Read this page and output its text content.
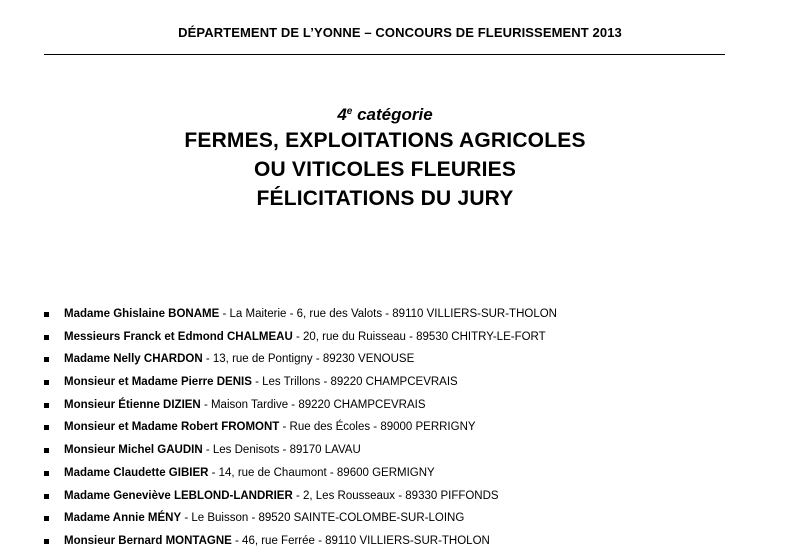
DÉPARTEMENT DE L’YONNE – CONCOURS DE FLEURISSEMENT 2013
4e catégorie
FERMES, EXPLOITATIONS AGRICOLES
OU VITICOLES FLEURIES
FÉLICITATIONS DU JURY
Madame Ghislaine BONAME - La Maiterie - 6, rue des Valots - 89110 VILLIERS-SUR-THOLON
Messieurs Franck et Edmond CHALMEAU - 20, rue du Ruisseau - 89530 CHITRY-LE-FORT
Madame Nelly CHARDON - 13, rue de Pontigny - 89230 VENOUSE
Monsieur et Madame Pierre DENIS - Les Trillons - 89220 CHAMPCEVRAIS
Monsieur Étienne DIZIEN - Maison Tardive - 89220 CHAMPCEVRAIS
Monsieur et Madame Robert FROMONT - Rue des Écoles - 89000 PERRIGNY
Monsieur Michel GAUDIN - Les Denisots - 89170 LAVAU
Madame Claudette GIBIER - 14, rue de Chaumont - 89600 GERMIGNY
Madame Geneviève LEBLOND-LANDRIER - 2, Les Rousseaux - 89330 PIFFONDS
Madame Annie MÉNY - Le Buisson - 89520 SAINTE-COLOMBE-SUR-LOING
Monsieur Bernard MONTAGNE - 46, rue Ferrée - 89110 VILLIERS-SUR-THOLON
